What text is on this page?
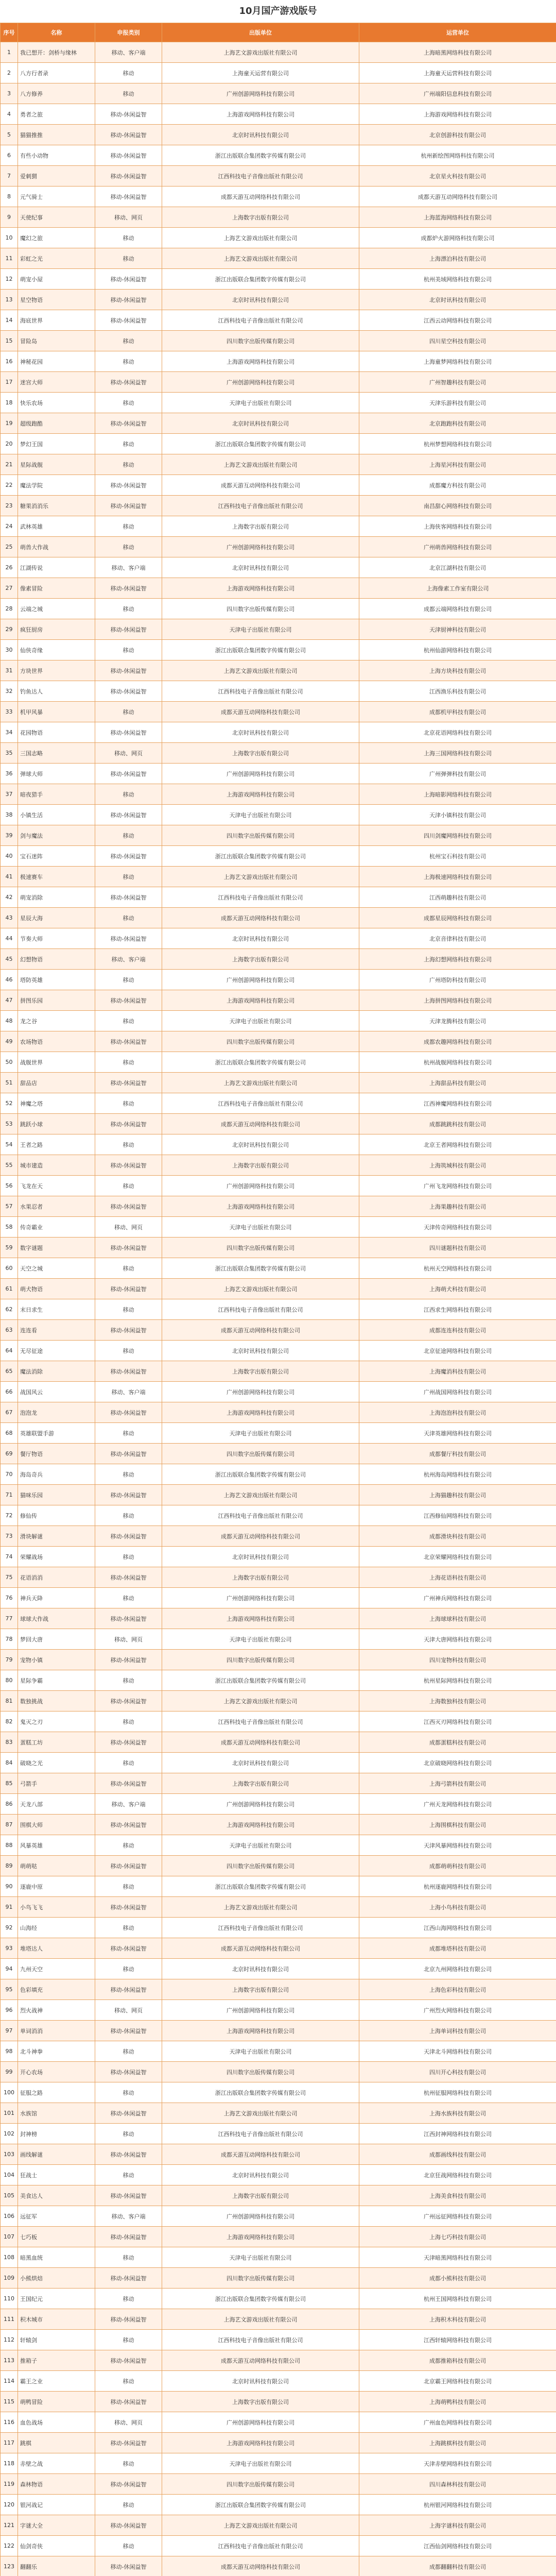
10月国产游戏版号
序号	名称	申报类别	出版单位	运营单位
1	我已想开：剑桥与缘林	移动、客户端	上海艺文游戏出版社有限公司	上海暗黑网络科技有限公司
2	八方行者录	移动	上海童天运营有限公司	上海童天运营科技有限公司
3	八方修养	移动	广州创游网络科技有限公司	广州端阳信息科技有限公司
4	勇者之旅	移动-休闲益智	上海游戏网络科技有限公司	上海游戏网络科技有限公司
5	猫猫推推	移动-休闲益智	北京时讯科技有限公司	北京创游科技有限公司
6	有些小动物	移动-休闲益智	浙江出版联合集团数字传媒有限公司	杭州新绘图网络科技有限公司
7	爱刺猬	移动-休闲益智	江西科技电子音像出版社有限公司	北京星火科技有限公司
8	元气骑士	移动-休闲益智	成都天游互动网络科技有限公司	成都天游互动网络科技有限公司
9	天使纪事	移动、网页	上海数字出版有限公司	上海蓝海网络科技有限公司
10	魔幻之旅	移动	上海艺文游戏出版社有限公司	成都炉火游网络科技有限公司
11	彩虹之光	移动	上海艺文游戏出版社有限公司	上海漂泊科技有限公司
12	萌宠小屋	移动-休闲益智	浙江出版联合集团数字传媒有限公司	杭州美域网络科技有限公司
13	星空物语	移动-休闲益智	北京时讯科技有限公司	北京时讯科技有限公司
14	海底世界	移动-休闲益智	江西科技电子音像出版社有限公司	江西云动网络科技有限公司
15	冒险岛	移动	四川数字出版传媒有限公司	四川星空科技有限公司
16	神秘花园	移动	上海游戏网络科技有限公司	上海童梦网络科技有限公司
17	迷宫大师	移动-休闲益智	广州创游网络科技有限公司	广州智趣科技有限公司
18	快乐农场	移动	天津电子出版社有限公司	天津乐游科技有限公司
19	超级跑酷	移动-休闲益智	北京时讯科技有限公司	北京跑跑科技有限公司
20	梦幻王国	移动	浙江出版联合集团数字传媒有限公司	杭州梦想网络科技有限公司
21	星际战舰	移动	上海艺文游戏出版社有限公司	上海星河科技有限公司
22	魔法学院	移动-休闲益智	成都天游互动网络科技有限公司	成都魔方科技有限公司
23	糖果消消乐	移动-休闲益智	江西科技电子音像出版社有限公司	南昌甜心网络科技有限公司
24	武林英雄	移动	上海数字出版有限公司	上海侠客网络科技有限公司
25	萌兽大作战	移动	广州创游网络科技有限公司	广州萌兽网络科技有限公司
26	江湖传说	移动、客户端	北京时讯科技有限公司	北京江湖科技有限公司
27	像素冒险	移动-休闲益智	上海游戏网络科技有限公司	上海像素工作室有限公司
28	云端之城	移动	四川数字出版传媒有限公司	成都云端网络科技有限公司
29	疯狂厨房	移动-休闲益智	天津电子出版社有限公司	天津厨神科技有限公司
30	仙侠奇缘	移动	浙江出版联合集团数字传媒有限公司	杭州仙游网络科技有限公司
31	方块世界	移动-休闲益智	上海艺文游戏出版社有限公司	上海方块科技有限公司
32	钓鱼达人	移动-休闲益智	江西科技电子音像出版社有限公司	江西渔乐科技有限公司
33	机甲风暴	移动	成都天游互动网络科技有限公司	成都机甲科技有限公司
34	花园物语	移动-休闲益智	北京时讯科技有限公司	北京花语网络科技有限公司
35	三国志略	移动、网页	上海数字出版有限公司	上海三国网络科技有限公司
36	弹球大师	移动-休闲益智	广州创游网络科技有限公司	广州弹弹科技有限公司
37	暗夜猎手	移动	上海游戏网络科技有限公司	上海暗影网络科技有限公司
38	小镇生活	移动-休闲益智	天津电子出版社有限公司	天津小镇科技有限公司
39	剑与魔法	移动	四川数字出版传媒有限公司	四川剑魔网络科技有限公司
40	宝石迷阵	移动-休闲益智	浙江出版联合集团数字传媒有限公司	杭州宝石科技有限公司
41	极速赛车	移动	上海艺文游戏出版社有限公司	上海极速网络科技有限公司
42	萌宠消除	移动-休闲益智	江西科技电子音像出版社有限公司	江西萌趣科技有限公司
43	星辰大海	移动	成都天游互动网络科技有限公司	成都星辰网络科技有限公司
44	节奏大师	移动-休闲益智	北京时讯科技有限公司	北京音律科技有限公司
45	幻想物语	移动、客户端	上海数字出版有限公司	上海幻想网络科技有限公司
46	塔防英雄	移动	广州创游网络科技有限公司	广州塔防科技有限公司
47	拼图乐园	移动-休闲益智	上海游戏网络科技有限公司	上海拼图网络科技有限公司
48	龙之谷	移动	天津电子出版社有限公司	天津龙腾科技有限公司
49	农场物语	移动-休闲益智	四川数字出版传媒有限公司	成都农趣网络科技有限公司
50	战舰世界	移动	浙江出版联合集团数字传媒有限公司	杭州战舰网络科技有限公司
51	甜品店	移动-休闲益智	上海艺文游戏出版社有限公司	上海甜品科技有限公司
52	神魔之塔	移动	江西科技电子音像出版社有限公司	江西神魔网络科技有限公司
53	跳跃小球	移动-休闲益智	成都天游互动网络科技有限公司	成都跳跳科技有限公司
54	王者之路	移动	北京时讯科技有限公司	北京王者网络科技有限公司
55	城市建造	移动-休闲益智	上海数字出版有限公司	上海筑城科技有限公司
56	飞龙在天	移动	广州创游网络科技有限公司	广州飞龙网络科技有限公司
57	水果忍者	移动-休闲益智	上海游戏网络科技有限公司	上海果趣科技有限公司
58	传奇霸业	移动、网页	天津电子出版社有限公司	天津传奇网络科技有限公司
59	数字谜题	移动-休闲益智	四川数字出版传媒有限公司	四川谜题科技有限公司
60	天空之城	移动	浙江出版联合集团数字传媒有限公司	杭州天空网络科技有限公司
61	萌犬物语	移动-休闲益智	上海艺文游戏出版社有限公司	上海萌犬科技有限公司
62	末日求生	移动	江西科技电子音像出版社有限公司	江西求生网络科技有限公司
63	连连看	移动-休闲益智	成都天游互动网络科技有限公司	成都连连科技有限公司
64	无尽征途	移动	北京时讯科技有限公司	北京征途网络科技有限公司
65	魔法消除	移动-休闲益智	上海数字出版有限公司	上海魔消科技有限公司
66	战国风云	移动、客户端	广州创游网络科技有限公司	广州战国网络科技有限公司
67	泡泡龙	移动-休闲益智	上海游戏网络科技有限公司	上海泡泡科技有限公司
68	英雄联盟手游	移动	天津电子出版社有限公司	天津英雄网络科技有限公司
69	餐厅物语	移动-休闲益智	四川数字出版传媒有限公司	成都餐厅科技有限公司
70	海岛奇兵	移动	浙江出版联合集团数字传媒有限公司	杭州海岛网络科技有限公司
71	猫咪乐园	移动-休闲益智	上海艺文游戏出版社有限公司	上海猫趣科技有限公司
72	修仙传	移动	江西科技电子音像出版社有限公司	江西修仙网络科技有限公司
73	滑块解谜	移动-休闲益智	成都天游互动网络科技有限公司	成都滑块科技有限公司
74	荣耀战场	移动	北京时讯科技有限公司	北京荣耀网络科技有限公司
75	花语消消	移动-休闲益智	上海数字出版有限公司	上海花语科技有限公司
76	神兵天降	移动	广州创游网络科技有限公司	广州神兵网络科技有限公司
77	球球大作战	移动-休闲益智	上海游戏网络科技有限公司	上海球球科技有限公司
78	梦回大唐	移动、网页	天津电子出版社有限公司	天津大唐网络科技有限公司
79	宠物小镇	移动-休闲益智	四川数字出版传媒有限公司	四川宠物科技有限公司
80	星际争霸	移动	浙江出版联合集团数字传媒有限公司	杭州星际网络科技有限公司
81	数独挑战	移动-休闲益智	上海艺文游戏出版社有限公司	上海数独科技有限公司
82	鬼灭之刃	移动	江西科技电子音像出版社有限公司	江西灭刃网络科技有限公司
83	蛋糕工坊	移动-休闲益智	成都天游互动网络科技有限公司	成都蛋糕科技有限公司
84	破晓之光	移动	北京时讯科技有限公司	北京破晓网络科技有限公司
85	弓箭手	移动-休闲益智	上海数字出版有限公司	上海弓箭科技有限公司
86	天龙八部	移动、客户端	广州创游网络科技有限公司	广州天龙网络科技有限公司
87	围棋大师	移动-休闲益智	上海游戏网络科技有限公司	上海围棋科技有限公司
88	风暴英雄	移动	天津电子出版社有限公司	天津风暴网络科技有限公司
89	萌萌哒	移动-休闲益智	四川数字出版传媒有限公司	成都萌萌科技有限公司
90	逐鹿中原	移动	浙江出版联合集团数字传媒有限公司	杭州逐鹿网络科技有限公司
91	小鸟飞飞	移动-休闲益智	上海艺文游戏出版社有限公司	上海小鸟科技有限公司
92	山海经	移动	江西科技电子音像出版社有限公司	江西山海网络科技有限公司
93	堆塔达人	移动-休闲益智	成都天游互动网络科技有限公司	成都堆塔科技有限公司
94	九州天空	移动	北京时讯科技有限公司	北京九州网络科技有限公司
95	色彩填充	移动-休闲益智	上海数字出版有限公司	上海色彩科技有限公司
96	烈火战神	移动、网页	广州创游网络科技有限公司	广州烈火网络科技有限公司
97	单词消消	移动-休闲益智	上海游戏网络科技有限公司	上海单词科技有限公司
98	北斗神拳	移动	天津电子出版社有限公司	天津北斗网络科技有限公司
99	开心农场	移动-休闲益智	四川数字出版传媒有限公司	四川开心科技有限公司
100	征服之路	移动	浙江出版联合集团数字传媒有限公司	杭州征服网络科技有限公司
101	水族馆	移动-休闲益智	上海艺文游戏出版社有限公司	上海水族科技有限公司
102	封神榜	移动	江西科技电子音像出版社有限公司	江西封神网络科技有限公司
103	画线解谜	移动-休闲益智	成都天游互动网络科技有限公司	成都画线科技有限公司
104	狂战士	移动	北京时讯科技有限公司	北京狂战网络科技有限公司
105	美食达人	移动-休闲益智	上海数字出版有限公司	上海美食科技有限公司
106	远征军	移动、客户端	广州创游网络科技有限公司	广州远征网络科技有限公司
107	七巧板	移动-休闲益智	上海游戏网络科技有限公司	上海七巧科技有限公司
108	暗黑血统	移动	天津电子出版社有限公司	天津暗黑网络科技有限公司
109	小熊烘焙	移动-休闲益智	四川数字出版传媒有限公司	成都小熊科技有限公司
110	王国纪元	移动	浙江出版联合集团数字传媒有限公司	杭州王国网络科技有限公司
111	积木城市	移动-休闲益智	上海艺文游戏出版社有限公司	上海积木科技有限公司
112	轩辕剑	移动	江西科技电子音像出版社有限公司	江西轩辕网络科技有限公司
113	推箱子	移动-休闲益智	成都天游互动网络科技有限公司	成都推箱科技有限公司
114	霸王之业	移动	北京时讯科技有限公司	北京霸王网络科技有限公司
115	萌鸭冒险	移动-休闲益智	上海数字出版有限公司	上海萌鸭科技有限公司
116	血色战场	移动、网页	广州创游网络科技有限公司	广州血色网络科技有限公司
117	跳棋	移动-休闲益智	上海游戏网络科技有限公司	上海跳棋科技有限公司
118	赤壁之战	移动	天津电子出版社有限公司	天津赤壁网络科技有限公司
119	森林物语	移动-休闲益智	四川数字出版传媒有限公司	四川森林科技有限公司
120	银河战记	移动	浙江出版联合集团数字传媒有限公司	杭州银河网络科技有限公司
121	字谜大全	移动-休闲益智	上海艺文游戏出版社有限公司	上海字谜科技有限公司
122	仙剑奇侠	移动	江西科技电子音像出版社有限公司	江西仙剑网络科技有限公司
123	翻翻乐	移动-休闲益智	成都天游互动网络科技有限公司	成都翻翻科技有限公司
